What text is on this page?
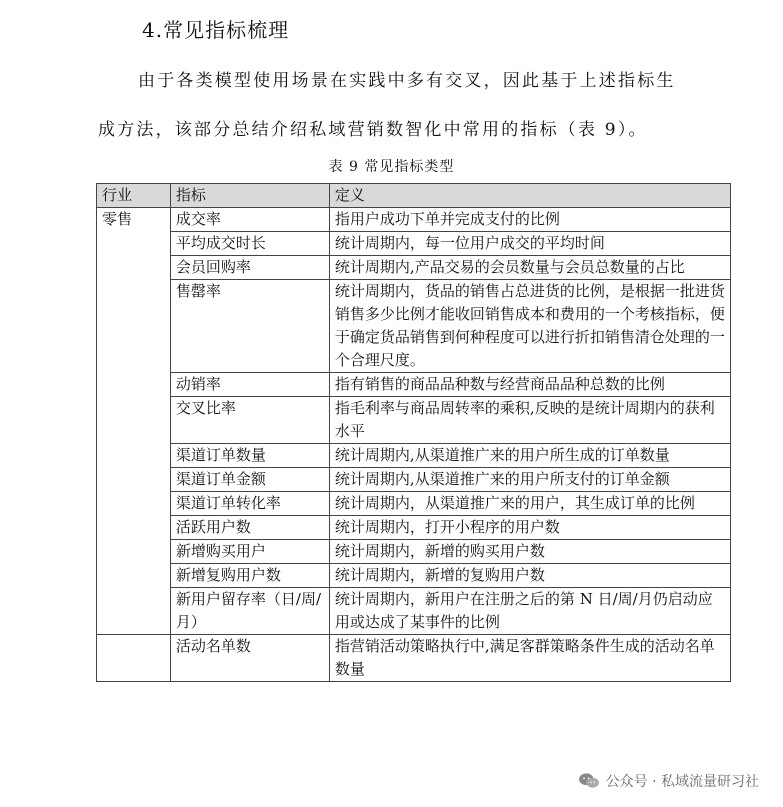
4.常见指标梳理
由于各类模型使用场景在实践中多有交叉，因此基于上述指标生
成方法，该部分总结介绍私域营销数智化中常用的指标（表 9）。
表 9 常见指标类型
行业	指标	定义
零售	成交率	指用户成功下单并完成支付的比例
	平均成交时长	统计周期内，每一位用户成交的平均时间
	会员回购率	统计周期内,产品交易的会员数量与会员总数量的占比
	售罄率	统计周期内，货品的销售占总进货的比例，是根据一批进货销售多少比例才能收回销售成本和费用的一个考核指标，便于确定货品销售到何种程度可以进行折扣销售清仓处理的一个合理尺度。
	动销率	指有销售的商品品种数与经营商品品种总数的比例
	交叉比率	指毛利率与商品周转率的乘积,反映的是统计周期内的获利水平
	渠道订单数量	统计周期内,从渠道推广来的用户所生成的订单数量
	渠道订单金额	统计周期内,从渠道推广来的用户所支付的订单金额
	渠道订单转化率	统计周期内，从渠道推广来的用户，其生成订单的比例
	活跃用户数	统计周期内，打开小程序的用户数
	新增购买用户	统计周期内，新增的购买用户数
	新增复购用户数	统计周期内，新增的复购用户数
	新用户留存率（日/周/月）	统计周期内，新用户在注册之后的第 N 日/周/月仍启动应用或达成了某事件的比例
	活动名单数	指营销活动策略执行中,满足客群策略条件生成的活动名单数量
公众号 · 私域流量研习社
